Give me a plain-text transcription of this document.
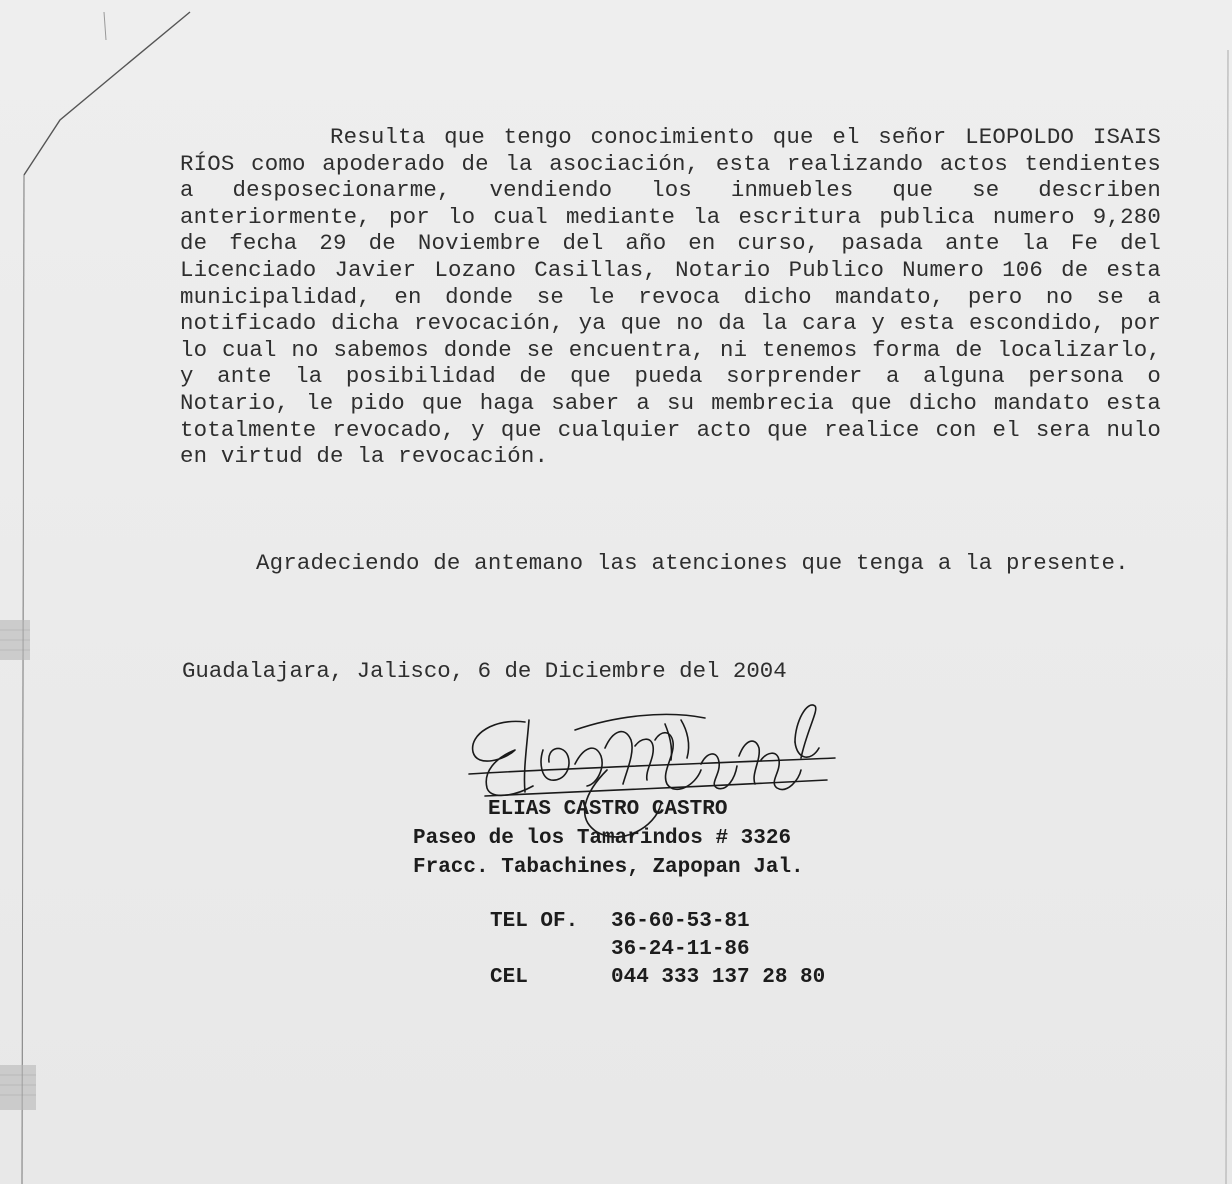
Resulta que tengo conocimiento que el señor LEOPOLDO ISAIS RÍOS como apoderado de la asociación, esta realizando actos tendientes a desposecionarme, vendiendo los inmuebles que se describen anteriormente, por lo cual mediante la escritura publica numero 9,280 de fecha 29 de Noviembre del año en curso, pasada ante la Fe del Licenciado Javier Lozano Casillas, Notario Publico Numero 106 de esta municipalidad, en donde se le revoca dicho mandato, pero no se a notificado dicha revocación, ya que no da la cara y esta escondido, por lo cual no sabemos donde se encuentra, ni tenemos forma de localizarlo, y ante la posibilidad de que pueda sorprender a alguna persona o Notario, le pido que haga saber a su membrecia que dicho mandato esta totalmente revocado, y que cualquier acto que realice con el sera nulo en virtud de la revocación.

Agradeciendo de antemano las atenciones que tenga a la presente.

Guadalajara, Jalisco, 6 de Diciembre del 2004

ELIAS CASTRO CASTRO
Paseo de los Tamarindos # 3326
Fracc. Tabachines, Zapopan Jal.
TEL OF.	36-60-53-81
36-24-11-86
CEL	044 333 137 28 80
